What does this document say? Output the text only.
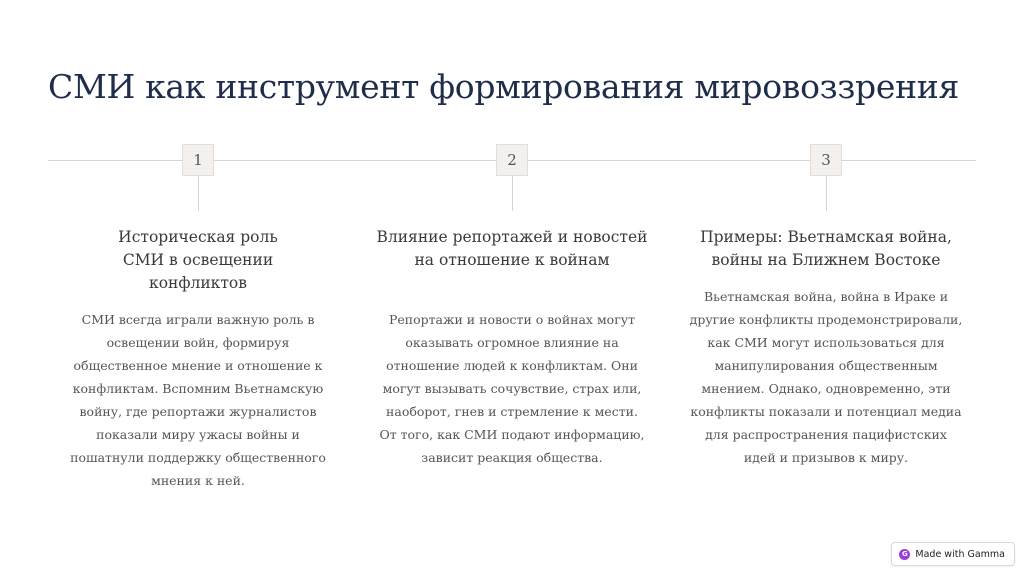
СМИ как инструмент формирования мировоззрения
1

Историческая роль СМИ в освещении конфликтов

СМИ всегда играли важную роль в освещении войн, формируя общественное мнение и отношение к конфликтам. Вспомним Вьетнамскую войну, где репортажи журналистов показали миру ужасы войны и пошатнули поддержку общественного мнения к ней.

2

Влияние репортажей и новостей на отношение к войнам

Репортажи и новости о войнах могут оказывать огромное влияние на отношение людей к конфликтам. Они могут вызывать сочувствие, страх или, наоборот, гнев и стремление к мести. От того, как СМИ подают информацию, зависит реакция общества.

3

Примеры: Вьетнамская война, войны на Ближнем Востоке

Вьетнамская война, война в Ираке и другие конфликты продемонстрировали, как СМИ могут использоваться для манипулирования общественным мнением. Однако, одновременно, эти конфликты показали и потенциал медиа для распространения пацифистских идей и призывов к миру.

G Made with Gamma
